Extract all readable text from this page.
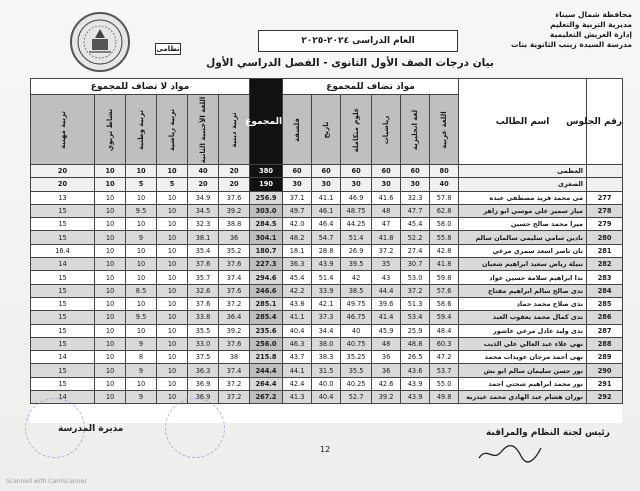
محافظة شمال سيناء
مديرية التربية والتعليم
إدارة العريش التعليمية
مدرسة السيدة زينب الثانوية بنات
نظامى
العام الدراسى ٢٠٢٤-٢٠٢٥
بيان درجات الصف الأول الثانوى - الفصل الدراسي الأول
رقم الجلوس	اسم الطالب	مواد تضاف للمجموع						المجموع	مواد لا تضاف للمجموع					
		اللغة عربية	لغة انجليزية	رياضيات	علوم متكاملة	تاريخ	فلسفة		تربية دينية	اللغة الأجنبية الثانية	تربية رياضية	تربية وطنية	نشاط تربوي	تربية مهنية
	العظمى	80	60	60	60	60	60	380	20	40	10	10	10	20
	الصغرى	40	30	30	30	30	30	190	20	20	5	5	10	20
277	مى محمد فريد مصطفى عبده	57.8	32.3	41.6	46.9	41.1	37.1	256.9	37.6	34.9	10	10	10	13
278	ميار سمير علي موسي ابو زاهر	62.8	47.7	48	48.75	46.1	49.7	303.0	39.2	34.5	10	9.5	10	15
279	ميرا محمد صالح حسين	58.0	45.4	47	44.25	46.4	42.0	284.5	38.8	32.3	10	10	10	15
280	نادين سامي سليمى سالمان سالم	55.8	52.2	41.8	51.4	54.7	48.2	304.1	36	38.1	10	9	10	15
281	نان ناصر اسعد سمري مرعي	42.8	27.4	37.2	26.9	28.8	18.1	180.7	35.2	35.4	10	10	10	16.4
282	نبيلة رياض سعيد ابراهيم شعبان	41.8	30.7	35	39.5	43.9	36.3	227.3	37.6	37.6	10	10	10	14
283	ندا ابراهيم سلامة حسين عواد	59.8	53.0	43	42	51.4	45.4	294.6	37.4	35.7	10	10	10	15
284	ندى صالح سالم ابراهيم مفتاح	57.6	37.2	44.4	38.5	33.9	42.2	246.6	37.6	32.6	10	8.5	10	15
285	ندى صلاح محمد حماد	58.6	51.3	39.6	49.75	42.1	43.8	285.1	37.2	37.6	10	10	10	15
286	ندى كمال محمد يعقوب العبد	59.4	53.4	41.4	46.75	37.3	41.1	285.4	36.4	33.8	10	9.5	10	15
287	ندى وليد عادل مرعي عاشور	48.4	25.9	45.9	40	34.4	40.4	235.6	39.2	35.5	10	10	10	15
288	نهي علاء عبد العالي علي الذيب	60.3	48.8	48	40.75	38.0	46.3	256.0	37.6	33.0	10	9	10	15
289	نهى أحمد مرجان عويدات محمد	47.2	26.5	36	35.25	38.3	43.7	215.8	38	37.5	10	8	10	14
290	نور حسن سليمان سالم ابو بش	53.7	43.6	36	35.5	31.5	44.1	244.4	37.4	36.3	10	9	10	15
291	نور محمد ابراهيم شحتي احمد	55.0	43.9	42.6	40.25	40.0	42.4	264.4	37.2	36.9	10	10	10	15
292	نوران هشام عبد الهادي محمد عيدربه	49.8	43.9	39.2	52.7	40.4	41.3	267.2	37.2	36.9	10	9	10	14
مديرة المدرسة	رئيس لجنة النظام والمراقبة
12
Scanned with CamScanner
